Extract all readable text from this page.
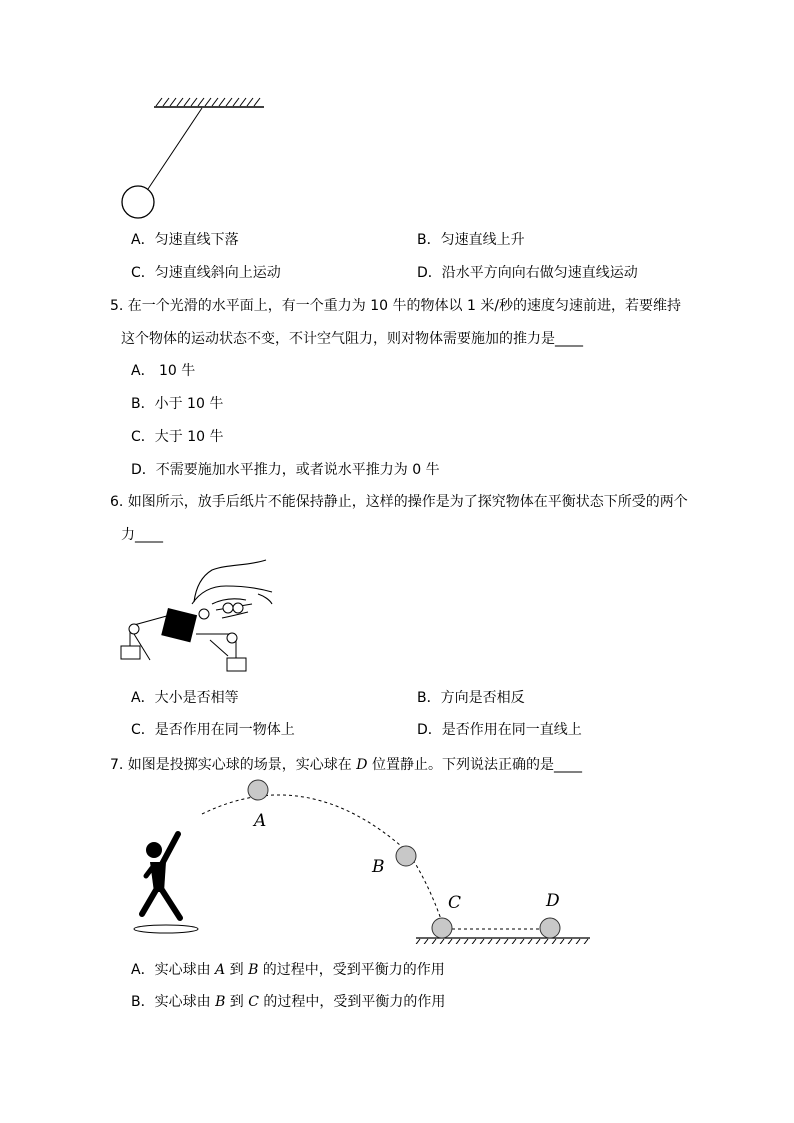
A．匀速直线下落	B．匀速直线上升
C．匀速直线斜向上运动	D．沿水平方向向右做匀速直线运动
5. 在一个光滑的水平面上，有一个重力为 10 牛的物体以 1 米/秒的速度匀速前进，若要维持
这个物体的运动状态不变，不计空气阻力，则对物体需要施加的推力是____
A． 10 牛
B．小于 10 牛
C．大于 10 牛
D．不需要施加水平推力，或者说水平推力为 0 牛
6. 如图所示，放手后纸片不能保持静止，这样的操作是为了探究物体在平衡状态下所受的两个
力____
A．大小是否相等	B．方向是否相反
C．是否作用在同一物体上	D．是否作用在同一直线上
7. 如图是投掷实心球的场景，实心球在 D 位置静止。下列说法正确的是____
A
B
C	D
A．实心球由 A 到 B 的过程中，受到平衡力的作用
B．实心球由 B 到 C 的过程中，受到平衡力的作用
